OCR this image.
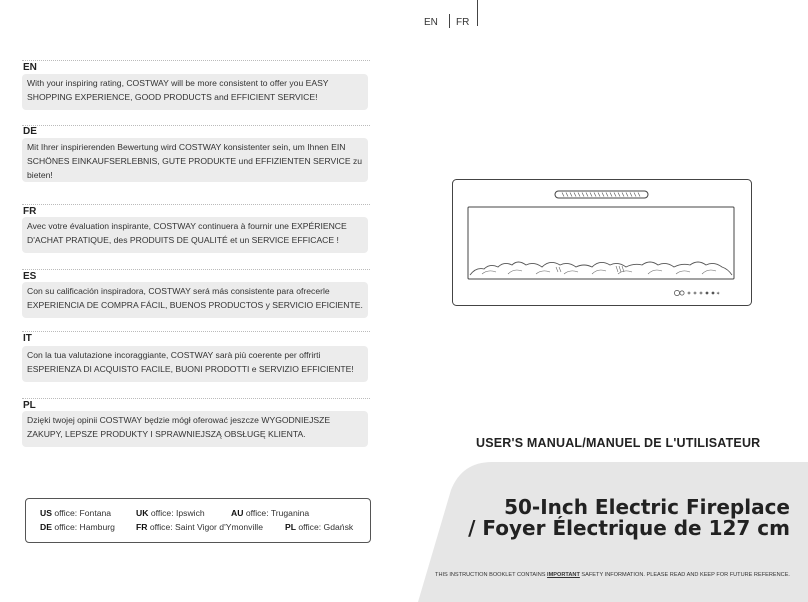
EN FR
EN
With your inspiring rating, COSTWAY will be more consistent to offer you EASY SHOPPING EXPERIENCE, GOOD PRODUCTS and EFFICIENT SERVICE!
DE
Mit Ihrer inspirierenden Bewertung wird COSTWAY konsistenter sein, um Ihnen EIN SCHÖNES EINKAUFSERLEBNIS, GUTE PRODUKTE und EFFIZIENTEN SERVICE zu bieten!
FR
Avec votre évaluation inspirante, COSTWAY continuera à fournir une EXPÉRIENCE D'ACHAT PRATIQUE, des PRODUITS DE QUALITÉ et un SERVICE EFFICACE !
ES
Con su calificación inspiradora, COSTWAY será más consistente para ofrecerle EXPERIENCIA DE COMPRA FÁCIL, BUENOS PRODUCTOS y SERVICIO EFICIENTE.
IT
Con la tua valutazione incoraggiante, COSTWAY sarà più coerente per offrirti ESPERIENZA DI ACQUISTO FACILE, BUONI PRODOTTI e SERVIZIO EFFICIENTE!
PL
Dzięki twojej opinii COSTWAY będzie mógł oferować jeszcze WYGODNIEJSZE ZAKUPY, LEPSZE PRODUKTY I SPRAWNIEJSZĄ OBSŁUGĘ KLIENTA.
US office: Fontana	UK office: Ipswich	AU office: Truganina
DE office: Hamburg FR office: Saint Vigor d'Ymonville	PL office: Gdańsk
✶
USER'S MANUAL/MANUEL DE L'UTILISATEUR
50-Inch Electric Fireplace
/ Foyer Électrique de 127 cm
THIS INSTRUCTION BOOKLET CONTAINS IMPORTANT SAFETY INFORMATION. PLEASE READ AND KEEP FOR FUTURE REFERENCE.
